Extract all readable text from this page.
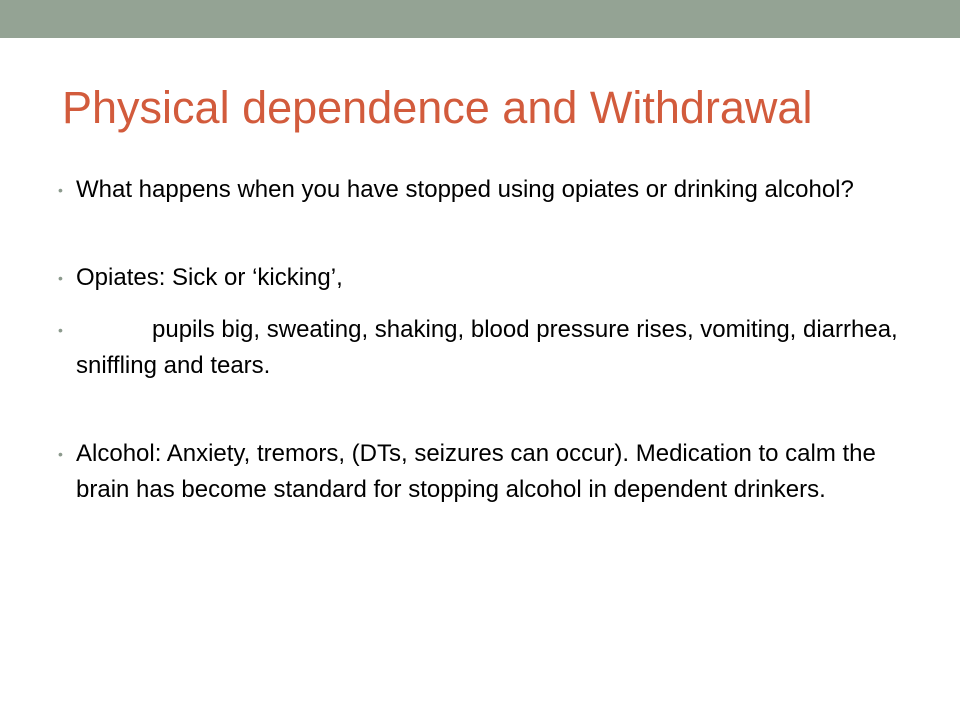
Physical dependence and Withdrawal
• What happens when you have stopped using opiates or drinking alcohol?
• Opiates: Sick or ‘kicking’,
•	pupils big, sweating, shaking, blood pressure rises, vomiting, diarrhea, sniffling and tears.
• Alcohol: Anxiety, tremors, (DTs, seizures can occur). Medication to calm the brain has become standard for stopping alcohol in dependent drinkers.
